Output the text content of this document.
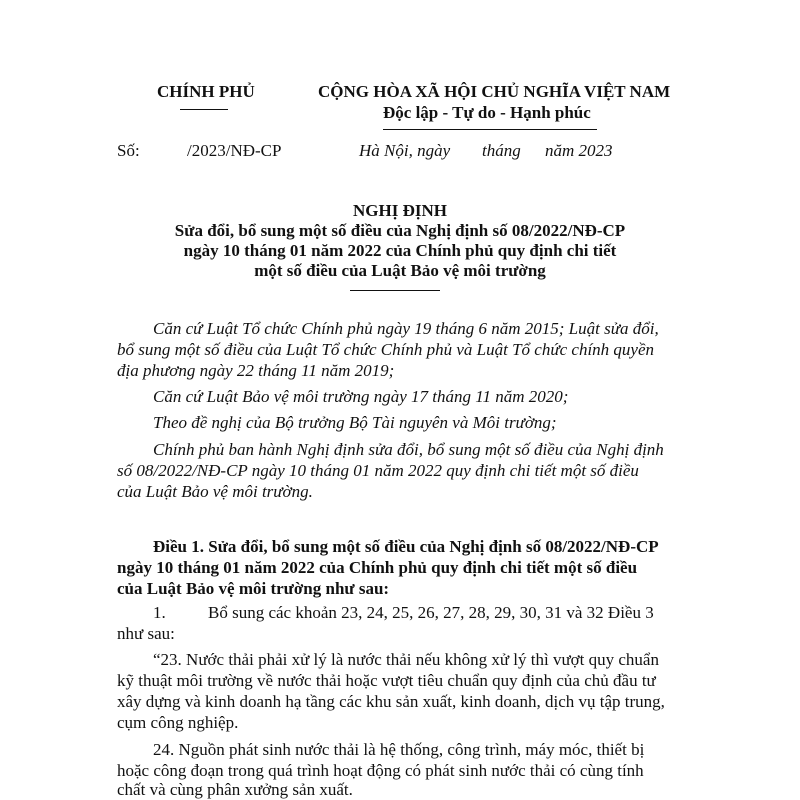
CHÍNH PHỦ	CỘNG HÒA XÃ HỘI CHỦ NGHĨA VIỆT NAM
Độc lập - Tự do - Hạnh phúc
Số:	/2023/NĐ-CP	Hà Nội, ngày tháng năm 2023
NGHỊ ĐỊNH
Sửa đổi, bổ sung một số điều của Nghị định số 08/2022/NĐ-CP
ngày 10 tháng 01 năm 2022 của Chính phủ quy định chi tiết
một số điều của Luật Bảo vệ môi trường
Căn cứ Luật Tổ chức Chính phủ ngày 19 tháng 6 năm 2015; Luật sửa đổi,
bổ sung một số điều của Luật Tổ chức Chính phủ và Luật Tổ chức chính quyền
địa phương ngày 22 tháng 11 năm 2019;
Căn cứ Luật Bảo vệ môi trường ngày 17 tháng 11 năm 2020;
Theo đề nghị của Bộ trưởng Bộ Tài nguyên và Môi trường;
Chính phủ ban hành Nghị định sửa đổi, bổ sung một số điều của Nghị định
số 08/2022/NĐ-CP ngày 10 tháng 01 năm 2022 quy định chi tiết một số điều
của Luật Bảo vệ môi trường.
Điều 1. Sửa đổi, bổ sung một số điều của Nghị định số 08/2022/NĐ-CP
ngày 10 tháng 01 năm 2022 của Chính phủ quy định chi tiết một số điều
của Luật Bảo vệ môi trường như sau:
1. Bổ sung các khoản 23, 24, 25, 26, 27, 28, 29, 30, 31 và 32 Điều 3
như sau:
“23. Nước thải phải xử lý là nước thải nếu không xử lý thì vượt quy chuẩn
kỹ thuật môi trường về nước thải hoặc vượt tiêu chuẩn quy định của chủ đầu tư
xây dựng và kinh doanh hạ tầng các khu sản xuất, kinh doanh, dịch vụ tập trung,
cụm công nghiệp.
24. Nguồn phát sinh nước thải là hệ thống, công trình, máy móc, thiết bị
hoặc công đoạn trong quá trình hoạt động có phát sinh nước thải có cùng tính
chất và cùng phân xưởng sản xuất.
